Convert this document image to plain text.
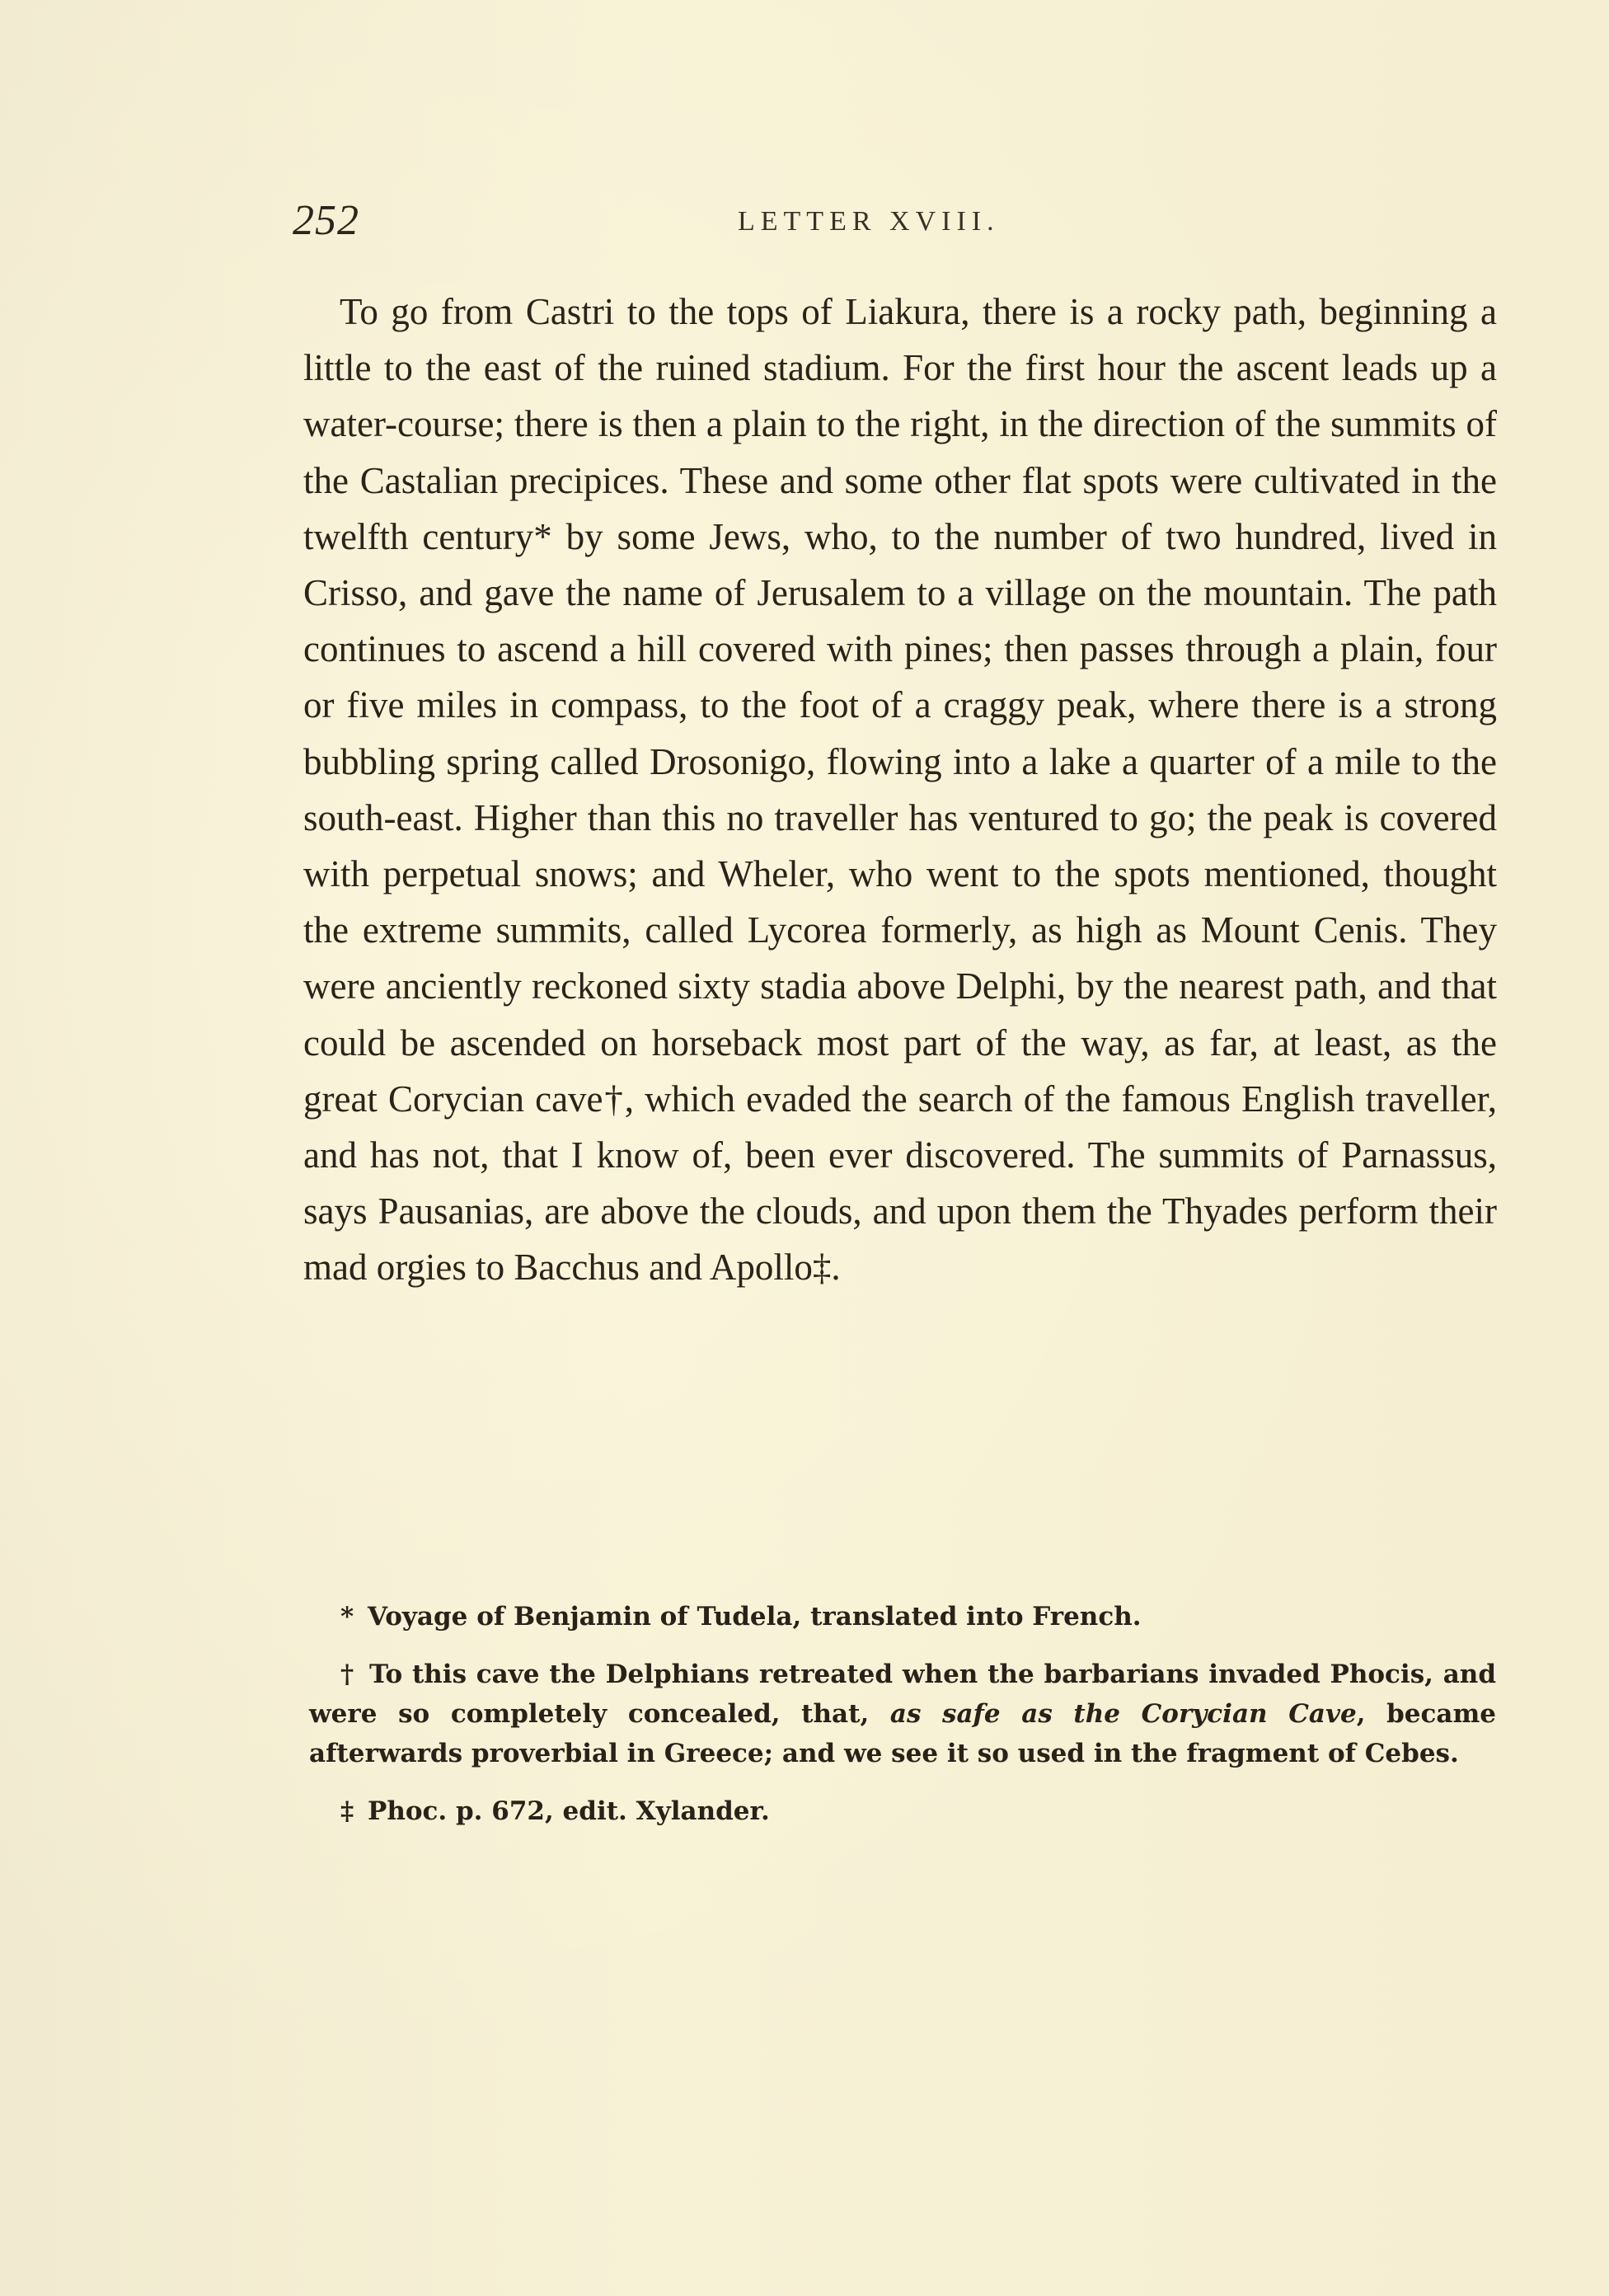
252	LETTER XVIII.

To go from Castri to the tops of Liakura, there is a rocky path, beginning a little to the east of the ruined stadium. For the first hour the ascent leads up a water-course; there is then a plain to the right, in the direction of the summits of the Castalian precipices. These and some other flat spots were cultivated in the twelfth century* by some Jews, who, to the number of two hundred, lived in Crisso, and gave the name of Jerusalem to a village on the mountain. The path continues to ascend a hill covered with pines; then passes through a plain, four or five miles in compass, to the foot of a craggy peak, where there is a strong bubbling spring called Drosonigo, flowing into a lake a quarter of a mile to the south-east. Higher than this no traveller has ventured to go; the peak is covered with perpetual snows; and Wheler, who went to the spots mentioned, thought the extreme summits, called Lycorea formerly, as high as Mount Cenis. They were anciently reckoned sixty stadia above Delphi, by the nearest path, and that could be ascended on horseback most part of the way, as far, at least, as the great Corycian cave†, which evaded the search of the famous English traveller, and has not, that I know of, been ever discovered. The summits of Parnassus, says Pausanias, are above the clouds, and upon them the Thyades perform their mad orgies to Bacchus and Apollo‡.

* Voyage of Benjamin of Tudela, translated into French.

† To this cave the Delphians retreated when the barbarians invaded Phocis, and were so completely concealed, that, as safe as the Corycian Cave, became afterwards proverbial in Greece; and we see it so used in the fragment of Cebes.

‡ Phoc. p. 672, edit. Xylander.
